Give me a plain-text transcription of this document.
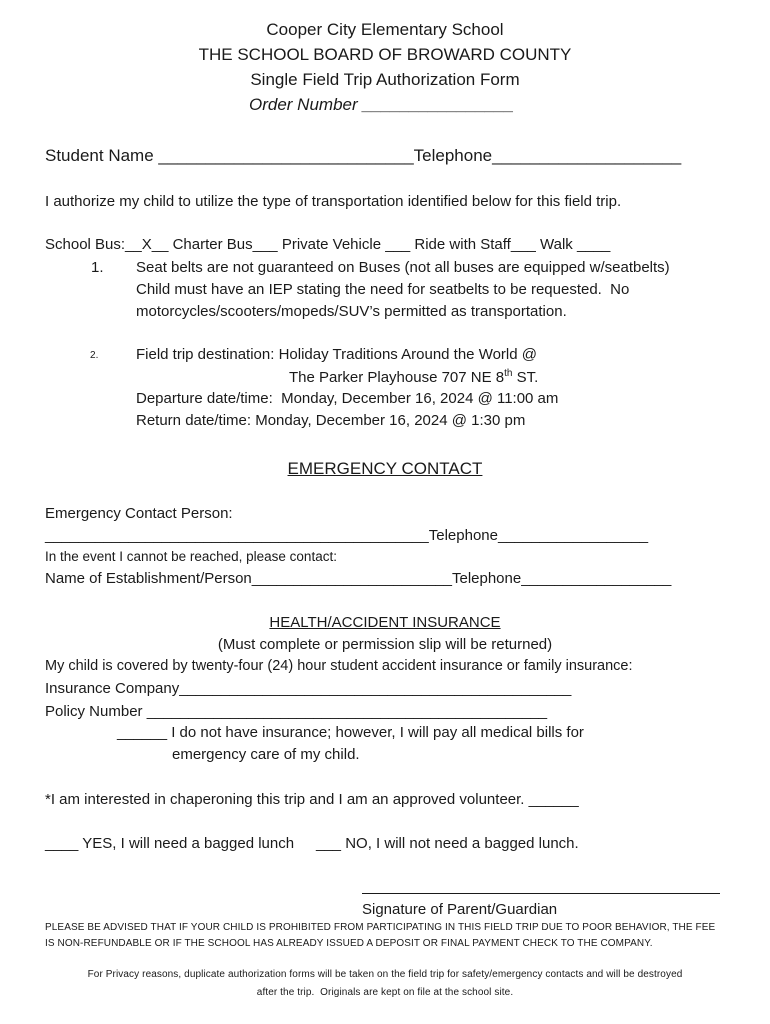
Cooper City Elementary School
THE SCHOOL BOARD OF BROWARD COUNTY
Single Field Trip Authorization Form
Order Number ________________
Student Name ___________________________Telephone____________________
I authorize my child to utilize the type of transportation identified below for this field trip.
School Bus:__X__ Charter Bus___ Private Vehicle ___ Ride with Staff___ Walk ____
1. Seat belts are not guaranteed on Buses (not all buses are equipped w/seatbelts)
Child must have an IEP stating the need for seatbelts to be requested.  No
motorcycles/scooters/mopeds/SUV’s permitted as transportation.
2. Field trip destination: Holiday Traditions Around the World @
The Parker Playhouse 707 NE 8th ST.
Departure date/time:  Monday, December 16, 2024 @ 11:00 am
Return date/time: Monday, December 16, 2024 @ 1:30 pm
EMERGENCY CONTACT
Emergency Contact Person:
______________________________________________Telephone__________________
In the event I cannot be reached, please contact:
Name of Establishment/Person________________________Telephone__________________
HEALTH/ACCIDENT INSURANCE
(Must complete or permission slip will be returned)
My child is covered by twenty-four (24) hour student accident insurance or family insurance:
Insurance Company_______________________________________________
Policy Number ________________________________________________
______ I do not have insurance; however, I will pay all medical bills for
emergency care of my child.
*I am interested in chaperoning this trip and I am an approved volunteer. ______
____ YES, I will need a bagged lunch ___ NO, I will not need a bagged lunch.
Signature of Parent/Guardian
PLEASE BE ADVISED THAT IF YOUR CHILD IS PROHIBITED FROM PARTICIPATING IN THIS FIELD TRIP DUE TO POOR BEHAVIOR, THE FEE
IS NON-REFUNDABLE OR IF THE SCHOOL HAS ALREADY ISSUED A DEPOSIT OR FINAL PAYMENT CHECK TO THE COMPANY.
For Privacy reasons, duplicate authorization forms will be taken on the field trip for safety/emergency contacts and will be destroyed
after the trip.  Originals are kept on file at the school site.
